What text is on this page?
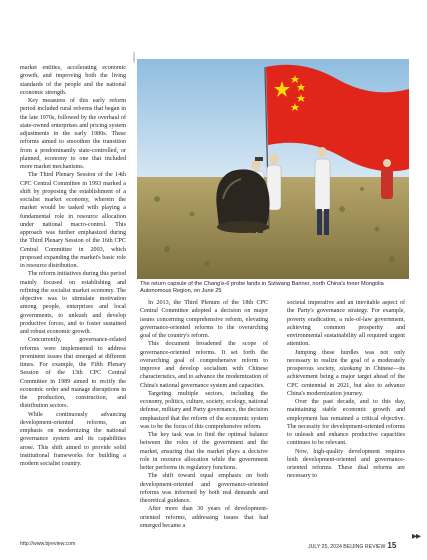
market entities, accelerating economic growth, and improving both the living standards of the people and the national economic strength.

Key measures of this early reform period included rural reforms that began in the late 1970s, followed by the overhaul of state-owned enterprises and pricing system adjustments in the early 1980s. These reforms aimed to smoothen the transition from a predominantly state-controlled, or planned, economy to one that included more market mechanisms.

The Third Plenary Session of the 14th CPC Central Committee in 1993 marked a shift by proposing the establishment of a socialist market economy, wherein the market would be tasked with playing a fundamental role in resource allocation under national macro-control. This approach was further emphasized during the Third Plenary Session of the 16th CPC Central Committee in 2003, which proposed expanding the market's basic role in resource distribution.

The reform initiatives during this period mainly focused on establishing and refining the socialist market economy. The objective was to stimulate motivation among people, enterprises and local governments, to unleash and develop productive forces, and to foster sustained and robust economic growth.

Concurrently, governance-related reforms were implemented to address prominent issues that emerged at different times. For example, the Fifth Plenary Session of the 13th CPC Central Committee in 1989 aimed to rectify the economic order and manage disruptions in the production, construction, and distribution sectors.

While continuously advancing development-oriented reforms, an emphasis on modernizing the national governance system and its capabilities arose. This shift aimed to provide solid institutional frameworks for building a modern socialist country.

XINHUA
The return capsule of the Chang'e-6 probe lands in Siziwang Banner, north China's Inner Mongolia Autonomous Region, on June 25

In 2013, the Third Plenum of the 18th CPC Central Committee adopted a decision on major issues concerning comprehensive reform, elevating governance-oriented reforms to the overarching goal of the country's reform.

This document broadened the scope of governance-oriented reforms. It set forth the overarching goal of comprehensive reform to improve and develop socialism with Chinese characteristics, and to advance the modernization of China's national governance system and capacities.

Targeting multiple sectors, including the economy, politics, culture, society, ecology, national defense, military and Party governance, the decision emphasized that the reform of the economic system was to be the focus of this comprehensive reform.

The key task was to find the optimal balance between the roles of the government and the market, ensuring that the market plays a decisive role in resource allocation while the government better performs its regulatory functions.

The shift toward equal emphasis on both development-oriented and governance-oriented reforms was informed by both real demands and theoretical guidance.

After more than 30 years of development-oriented reforms, addressing issues that had emerged became a

societal imperative and an inevitable aspect of the Party's governance strategy. For example, poverty eradication, a rule-of-law government, achieving common prosperity and environmental sustainability all required urgent attention.

Jumping these hurdles was not only necessary to realize the goal of a moderately prosperous society, xiaokang in Chinese—its achievement being a major target ahead of the CPC centennial in 2021, but also to advance China's modernization journey.

Over the past decade, and to this day, maintaining stable economic growth and employment has remained a critical objective. The necessity for development-oriented reforms to unleash and enhance productive capacities continues to be relevant.

Now, high-quality development requires both development-oriented and governance-oriented reforms. These dual reforms are necessary to

http://www.bjreview.com	JULY 25, 2024 BEIJING REVIEW 15
▶▶
